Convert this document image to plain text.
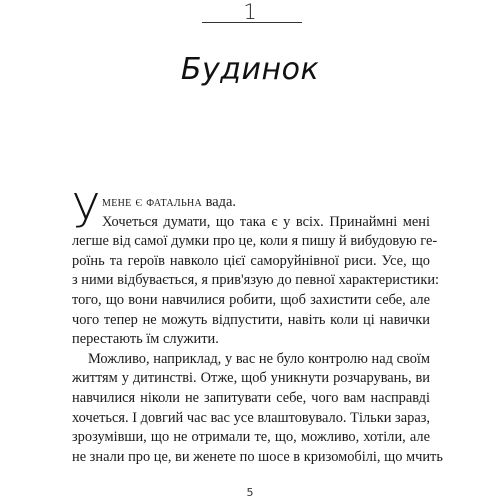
1
Будинок

У мене є фатальна вада.
Хочеться думати, що така є у всіх. Принаймні мені
легше від самої думки про це, коли я пишу й вибудовую ге-
роїнь та героїв навколо цієї саморуйнівної риси. Усе, що
з ними відбувається, я прив'язую до певної характеристики:
того, що вони навчилися робити, щоб захистити себе, але
чого тепер не можуть відпустити, навіть коли ці навички
перестають їм служити.

Можливо, наприклад, у вас не було контролю над своїм
життям у дитинстві. Отже, щоб уникнути розчарувань, ви
навчилися ніколи не запитувати себе, чого вам насправді
хочеться. І довгий час вас усе влаштовувало. Тільки зараз,
зрозумівши, що не отримали те, що, можливо, хотіли, але
не знали про це, ви женете по шосе в кризомобілі, що мчить

5
